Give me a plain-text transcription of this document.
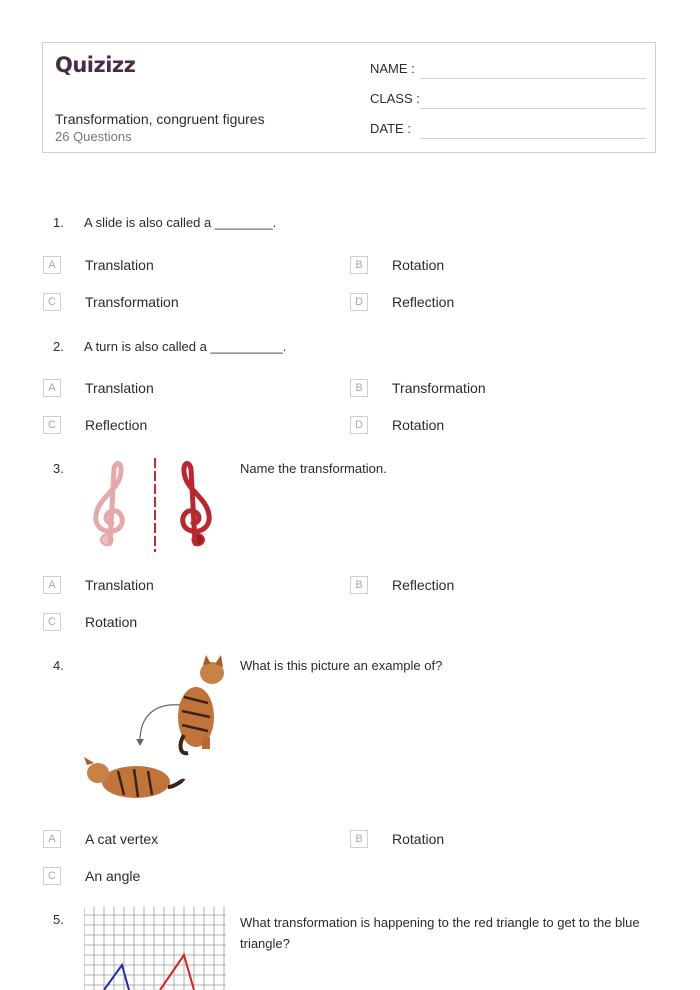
Quizizz
Transformation, congruent figures
26 Questions
NAME :
CLASS :
DATE :
1. A slide is also called a ________.
A	Translation	B	Rotation
C	Transformation	D	Reflection
2. A turn is also called a __________.
A	Translation	B	Transformation
C	Reflection	D	Rotation
3.	Name the transformation.
A	Translation	B	Reflection
C	Rotation
4.	What is this picture an example of?
A	A cat vertex	B	Rotation
C	An angle
5.	What transformation is happening to the red triangle to get to the blue triangle?
